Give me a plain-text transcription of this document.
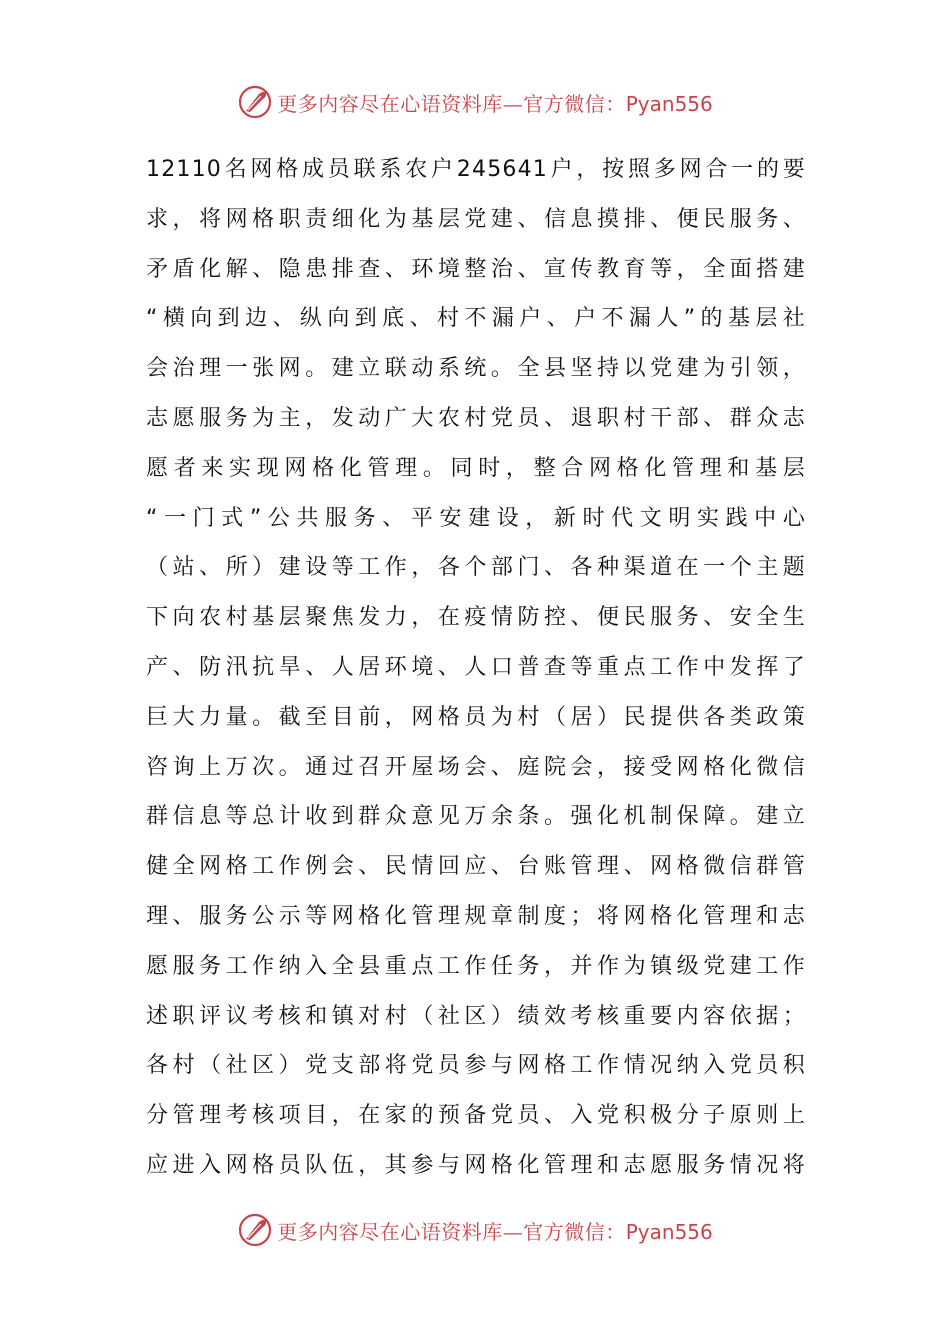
更多内容尽在心语资料库—官方微信：Pyan556
12110名网格成员联系农户245641户，按照多网合一的要
求，将网格职责细化为基层党建、信息摸排、便民服务、
矛盾化解、隐患排查、环境整治、宣传教育等，全面搭建
“横向到边、纵向到底、村不漏户、户不漏人”的基层社
会治理一张网。建立联动系统。全县坚持以党建为引领，
志愿服务为主，发动广大农村党员、退职村干部、群众志
愿者来实现网格化管理。同时，整合网格化管理和基层
“一门式”公共服务、平安建设，新时代文明实践中心
（站、所）建设等工作，各个部门、各种渠道在一个主题
下向农村基层聚焦发力，在疫情防控、便民服务、安全生
产、防汛抗旱、人居环境、人口普查等重点工作中发挥了
巨大力量。截至目前，网格员为村（居）民提供各类政策
咨询上万次。通过召开屋场会、庭院会，接受网格化微信
群信息等总计收到群众意见万余条。强化机制保障。建立
健全网格工作例会、民情回应、台账管理、网格微信群管
理、服务公示等网格化管理规章制度；将网格化管理和志
愿服务工作纳入全县重点工作任务，并作为镇级党建工作
述职评议考核和镇对村（社区）绩效考核重要内容依据；
各村（社区）党支部将党员参与网格工作情况纳入党员积
分管理考核项目，在家的预备党员、入党积极分子原则上
应进入网格员队伍，其参与网格化管理和志愿服务情况将
更多内容尽在心语资料库—官方微信：Pyan556
